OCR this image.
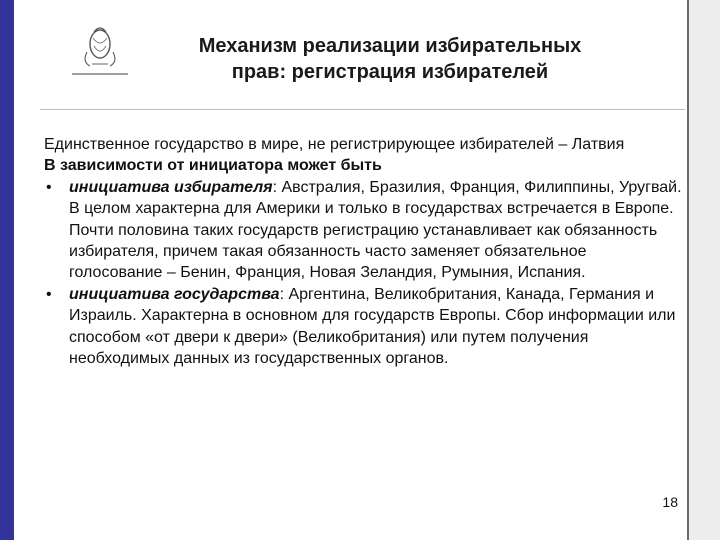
Механизм реализации избирательных
прав: регистрация избирателей

Единственное государство в мире, не регистрирующее избирателей – Латвия

В зависимости от инициатора может быть

• инициатива избирателя: Австралия, Бразилия, Франция, Филиппины, Уругвай. В целом характерна для Америки и только в государствах встречается в Европе. Почти половина таких государств регистрацию устанавливает как обязанность избирателя, причем такая обязанность часто заменяет обязательное голосование – Бенин, Франция, Новая Зеландия, Румыния, Испания.

• инициатива государства: Аргентина, Великобритания, Канада, Германия и Израиль. Характерна в основном для государств Европы. Сбор информации или способом «от двери к двери» (Великобритания) или путем получения необходимых данных из государственных органов.

18
